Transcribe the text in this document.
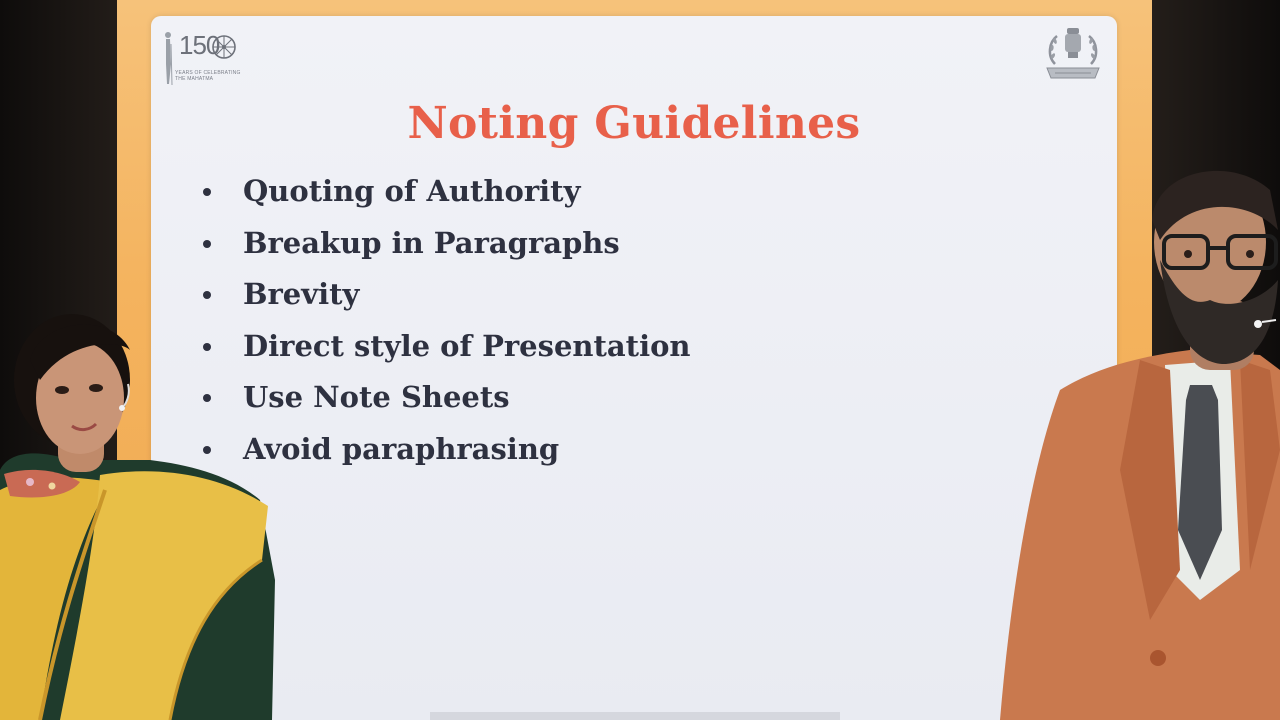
150
YEARS OF CELEBRATING THE MAHATMA
Noting Guidelines
Quoting of Authority
Breakup in Paragraphs
Brevity
Direct style of Presentation
Use Note Sheets
Avoid paraphrasing
